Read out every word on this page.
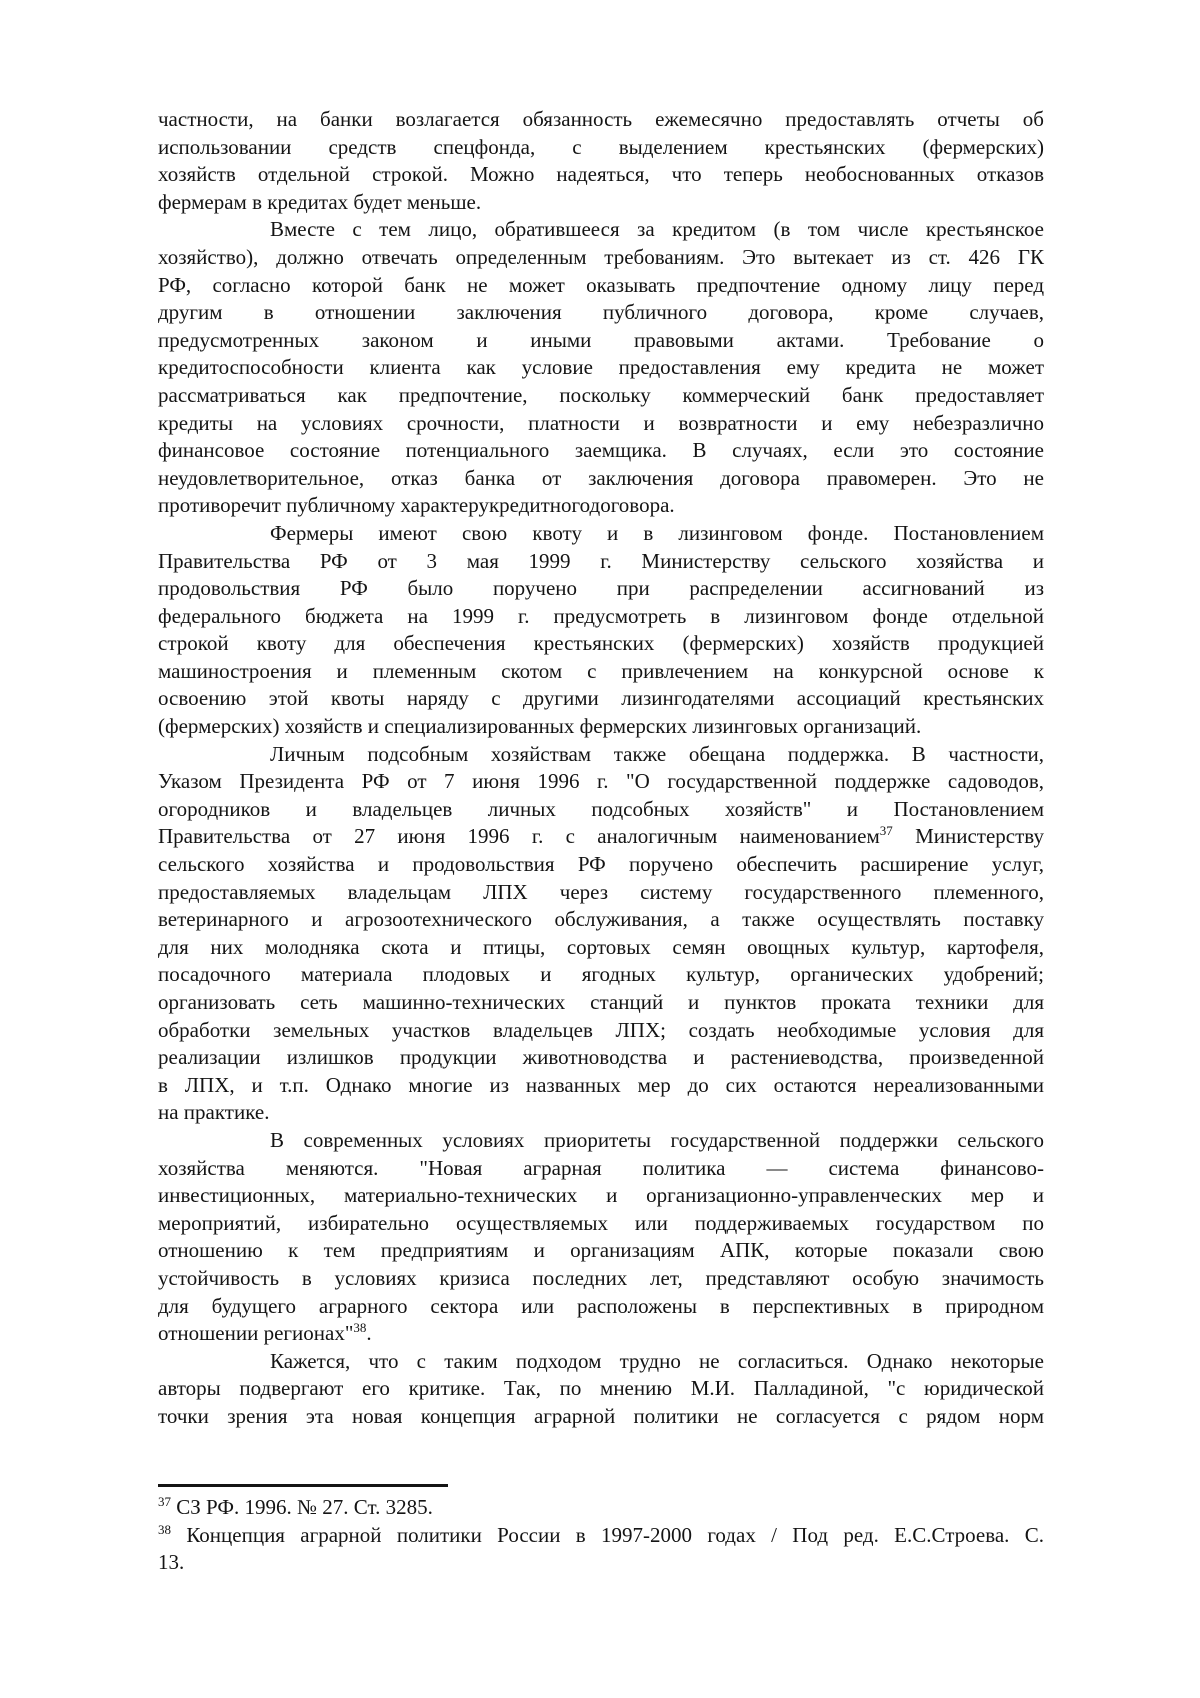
частности, на банки возлагается обязанность ежемесячно предоставлять отчеты об
использовании средств спецфонда, с выделением крестьянских (фермерских)
хозяйств отдельной строкой. Можно надеяться, что теперь необоснованных отказов
фермерам в кредитах будет меньше.
Вместе с тем лицо, обратившееся за кредитом (в том числе крестьянское
хозяйство), должно отвечать определенным требованиям. Это вытекает из ст. 426 ГК
РФ, согласно которой банк не может оказывать предпочтение одному лицу перед
другим в отношении заключения публичного договора, кроме случаев,
предусмотренных законом и иными правовыми актами. Требование о
кредитоспособности клиента как условие предоставления ему кредита не может
рассматриваться как предпочтение, поскольку коммерческий банк предоставляет
кредиты на условиях срочности, платности и возвратности и ему небезразлично
финансовое состояние потенциального заемщика. В случаях, если это состояние
неудовлетворительное, отказ банка от заключения договора правомерен. Это не
противоречит публичному характерукредитногодоговора.
Фермеры имеют свою квоту и в лизинговом фонде. Постановлением
Правительства РФ от 3 мая 1999 г. Министерству сельского хозяйства и
продовольствия РФ было поручено при распределении ассигнований из
федерального бюджета на 1999 г. предусмотреть в лизинговом фонде отдельной
строкой квоту для обеспечения крестьянских (фермерских) хозяйств продукцией
машиностроения и племенным скотом с привлечением на конкурсной основе к
освоению этой квоты наряду с другими лизингодателями ассоциаций крестьянских
(фермерских) хозяйств и специализированных фермерских лизинговых организаций.
Личным подсобным хозяйствам также обещана поддержка. В частности,
Указом Президента РФ от 7 июня 1996 г. "О государственной поддержке садоводов,
огородников и владельцев личных подсобных хозяйств" и Постановлением
Правительства от 27 июня 1996 г. с аналогичным наименованием$^{37}$ Министерству
сельского хозяйства и продовольствия РФ поручено обеспечить расширение услуг,
предоставляемых владельцам ЛПХ через систему государственного племенного,
ветеринарного и агрозоотехнического обслуживания, а также осуществлять поставку
для них молодняка скота и птицы, сортовых семян овощных культур, картофеля,
посадочного материала плодовых и ягодных культур, органических удобрений;
организовать сеть машинно-технических станций и пунктов проката техники для
обработки земельных участков владельцев ЛПХ; создать необходимые условия для
реализации излишков продукции животноводства и растениеводства, произведенной
в ЛПХ, и т.п. Однако многие из названных мер до сих остаются нереализованными
на практике.
В современных условиях приоритеты государственной поддержки сельского
хозяйства меняются. "Новая аграрная политика — система финансово-
инвестиционных, материально-технических и организационно-управленческих мер и
мероприятий, избирательно осуществляемых или поддерживаемых государством по
отношению к тем предприятиям и организациям АПК, которые показали свою
устойчивость в условиях кризиса последних лет, представляют особую значимость
для будущего аграрного сектора или расположены в перспективных в природном
отношении регионах"$^{38}$.
Кажется, что с таким подходом трудно не согласиться. Однако некоторые
авторы подвергают его критике. Так, по мнению М.И. Палладиной, "с юридической
точки зрения эта новая концепция аграрной политики не согласуется с рядом норм
$^{37}$ СЗ РФ. 1996. № 27. Ст. 3285.
$^{38}$ Концепция аграрной политики России в 1997-2000 годах / Под ред. Е.С.Строева. С.
13.
